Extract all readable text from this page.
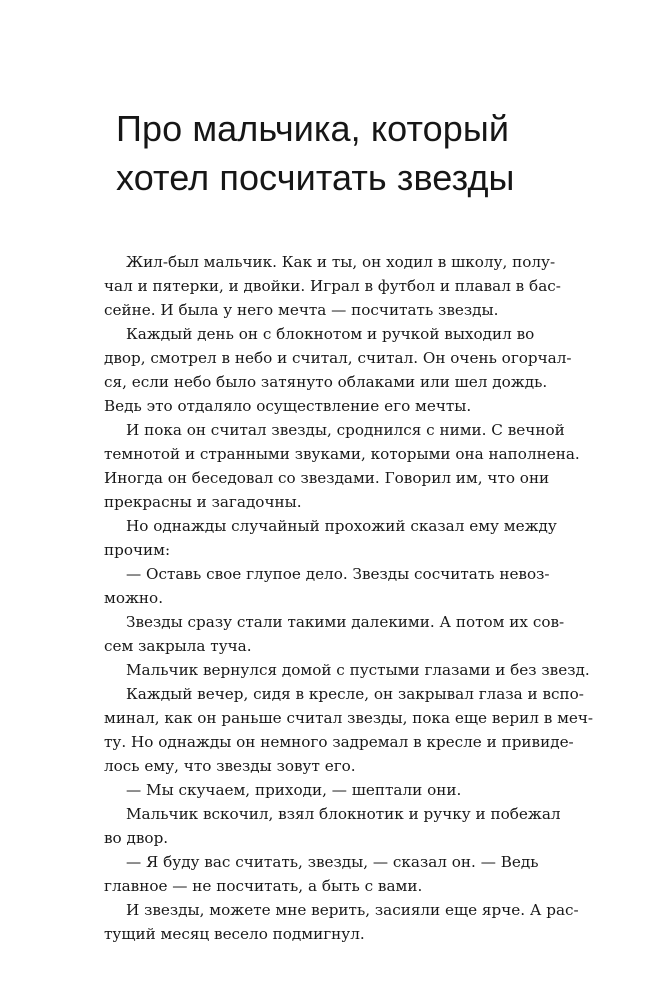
Про мальчика, который
хотел посчитать звезды

Жил-был мальчик. Как и ты, он ходил в школу, полу-
чал и пятерки, и двойки. Играл в футбол и плавал в бас-
сейне. И была у него мечта — посчитать звезды.

Каждый день он с блокнотом и ручкой выходил во
двор, смотрел в небо и считал, считал. Он очень огорчал-
ся, если небо было затянуто облаками или шел дождь.
Ведь это отдаляло осуществление его мечты.

И пока он считал звезды, сроднился с ними. С вечной
темнотой и странными звуками, которыми она наполнена.
Иногда он беседовал со звездами. Говорил им, что они
прекрасны и загадочны.

Но однажды случайный прохожий сказал ему между
прочим:

— Оставь свое глупое дело. Звезды сосчитать невоз-
можно.

Звезды сразу стали такими далекими. А потом их сов-
сем закрыла туча.

Мальчик вернулся домой с пустыми глазами и без звезд.

Каждый вечер, сидя в кресле, он закрывал глаза и вспо-
минал, как он раньше считал звезды, пока еще верил в меч-
ту. Но однажды он немного задремал в кресле и привиде-
лось ему, что звезды зовут его.

— Мы скучаем, приходи, — шептали они.

Мальчик вскочил, взял блокнотик и ручку и побежал
во двор.

— Я буду вас считать, звезды, — сказал он. — Ведь
главное — не посчитать, а быть с вами.

И звезды, можете мне верить, засияли еще ярче. А рас-
тущий месяц весело подмигнул.
